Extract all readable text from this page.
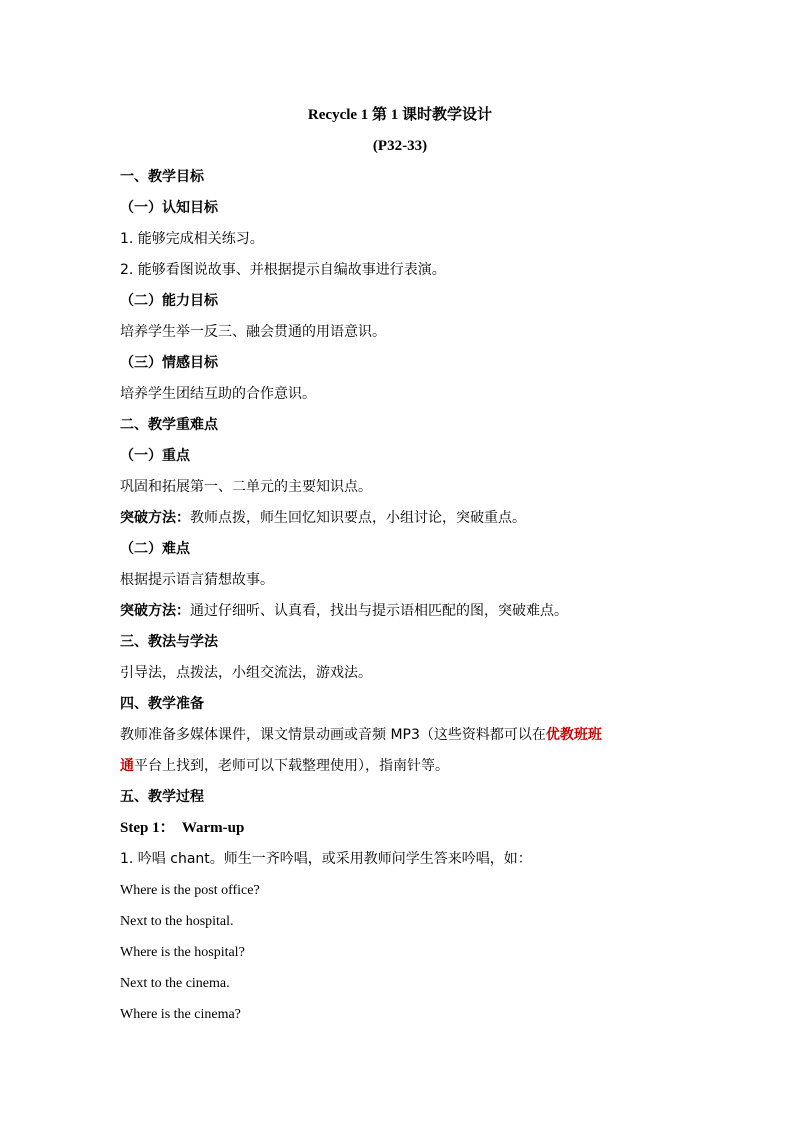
Recycle 1 第 1 课时教学设计
(P32-33)
一、教学目标
（一）认知目标
1. 能够完成相关练习。
2. 能够看图说故事、并根据提示自编故事进行表演。
（二）能力目标
培养学生举一反三、融会贯通的用语意识。
（三）情感目标
培养学生团结互助的合作意识。
二、教学重难点
（一）重点
巩固和拓展第一、二单元的主要知识点。
突破方法：教师点拨，师生回忆知识要点，小组讨论，突破重点。
（二）难点
根据提示语言猜想故事。
突破方法：通过仔细听、认真看，找出与提示语相匹配的图，突破难点。
三、教法与学法
引导法，点拨法，小组交流法，游戏法。
四、教学准备
教师准备多媒体课件，课文情景动画或音频 MP3（这些资料都可以在优教班班
通平台上找到，老师可以下载整理使用），指南针等。
五、教学过程
Step 1：  Warm-up
1. 吟唱 chant。师生一齐吟唱，或采用教师问学生答来吟唱，如：
Where is the post office?
Next to the hospital.
Where is the hospital?
Next to the cinema.
Where is the cinema?
